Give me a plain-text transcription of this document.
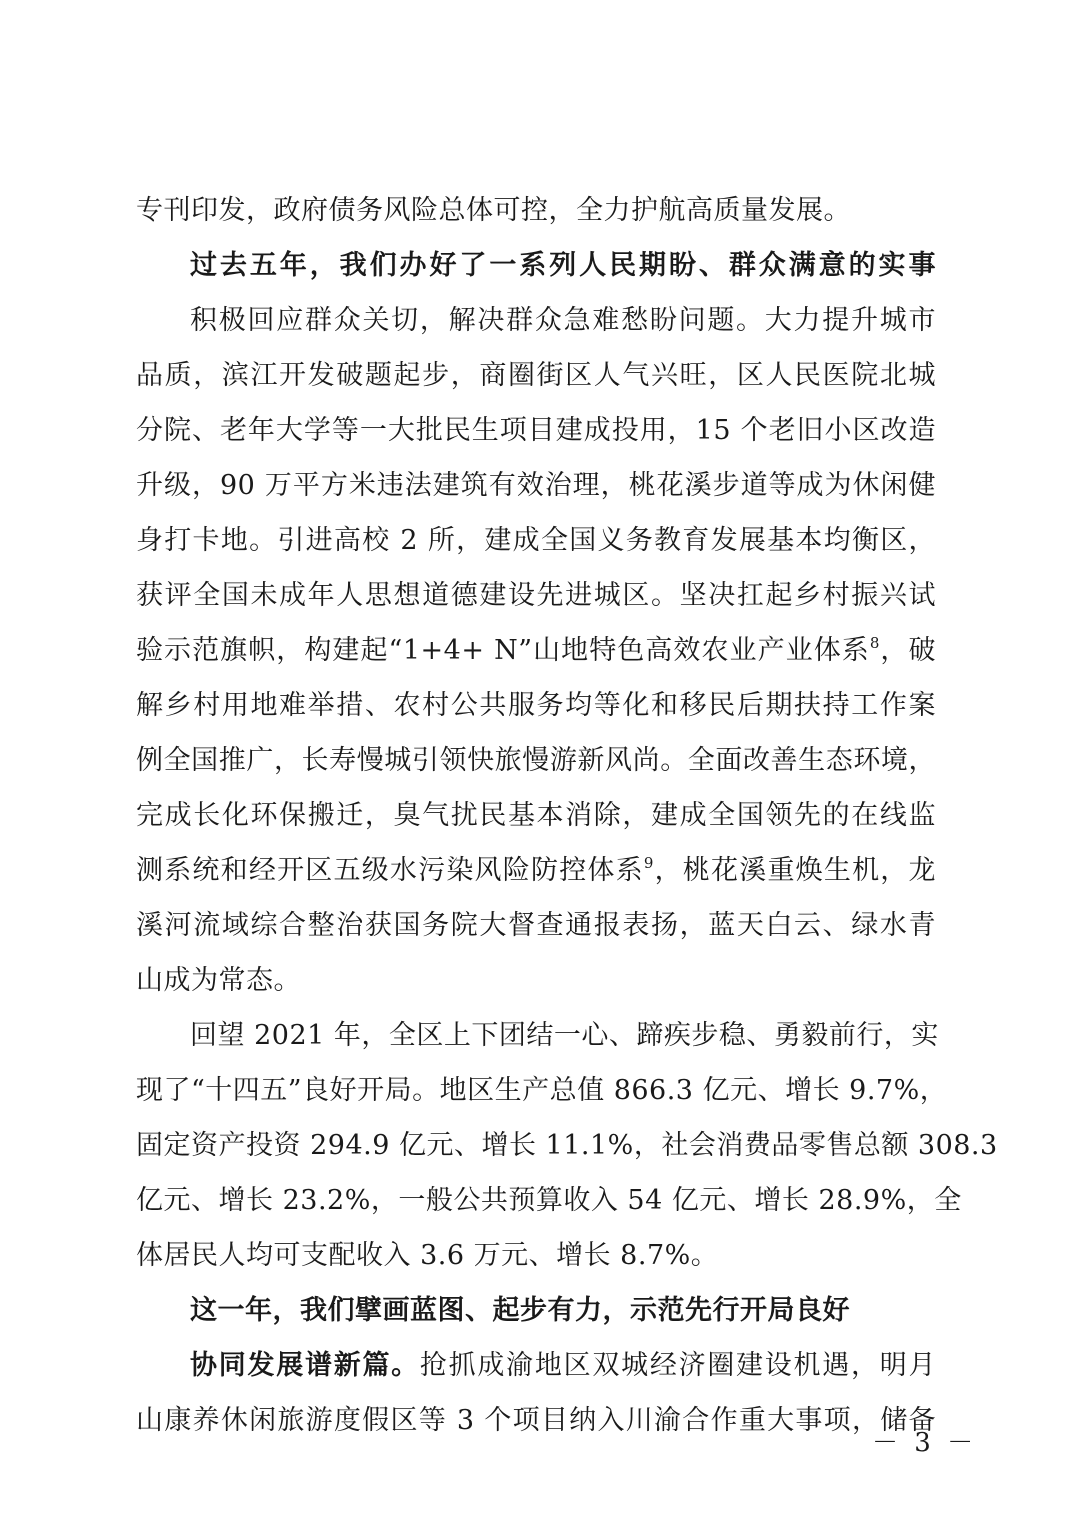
专刊印发，政府债务风险总体可控，全力护航高质量发展。
过去五年，我们办好了一系列人民期盼、群众满意的实事
积极回应群众关切，解决群众急难愁盼问题。大力提升城市
品质，滨江开发破题起步，商圈街区人气兴旺，区人民医院北城
分院、老年大学等一大批民生项目建成投用，15 个老旧小区改造
升级，90 万平方米违法建筑有效治理，桃花溪步道等成为休闲健
身打卡地。引进高校 2 所，建成全国义务教育发展基本均衡区，
获评全国未成年人思想道德建设先进城区。坚决扛起乡村振兴试
验示范旗帜，构建起“1+4+ N”山地特色高效农业产业体系$^8$，破
解乡村用地难举措、农村公共服务均等化和移民后期扶持工作案
例全国推广，长寿慢城引领快旅慢游新风尚。全面改善生态环境，
完成长化环保搬迁，臭气扰民基本消除，建成全国领先的在线监
测系统和经开区五级水污染风险防控体系$^9$，桃花溪重焕生机，龙
溪河流域综合整治获国务院大督查通报表扬，蓝天白云、绿水青
山成为常态。
回望 2021 年，全区上下团结一心、蹄疾步稳、勇毅前行，实
现了“十四五”良好开局。地区生产总值 866.3 亿元、增长 9.7%，
固定资产投资 294.9 亿元、增长 11.1%，社会消费品零售总额 308.3
亿元、增长 23.2%，一般公共预算收入 54 亿元、增长 28.9%，全
体居民人均可支配收入 3.6 万元、增长 8.7%。
这一年，我们擘画蓝图、起步有力，示范先行开局良好
协同发展谱新篇。抢抓成渝地区双城经济圈建设机遇，明月
山康养休闲旅游度假区等 3 个项目纳入川渝合作重大事项，储备
－ 3 －
